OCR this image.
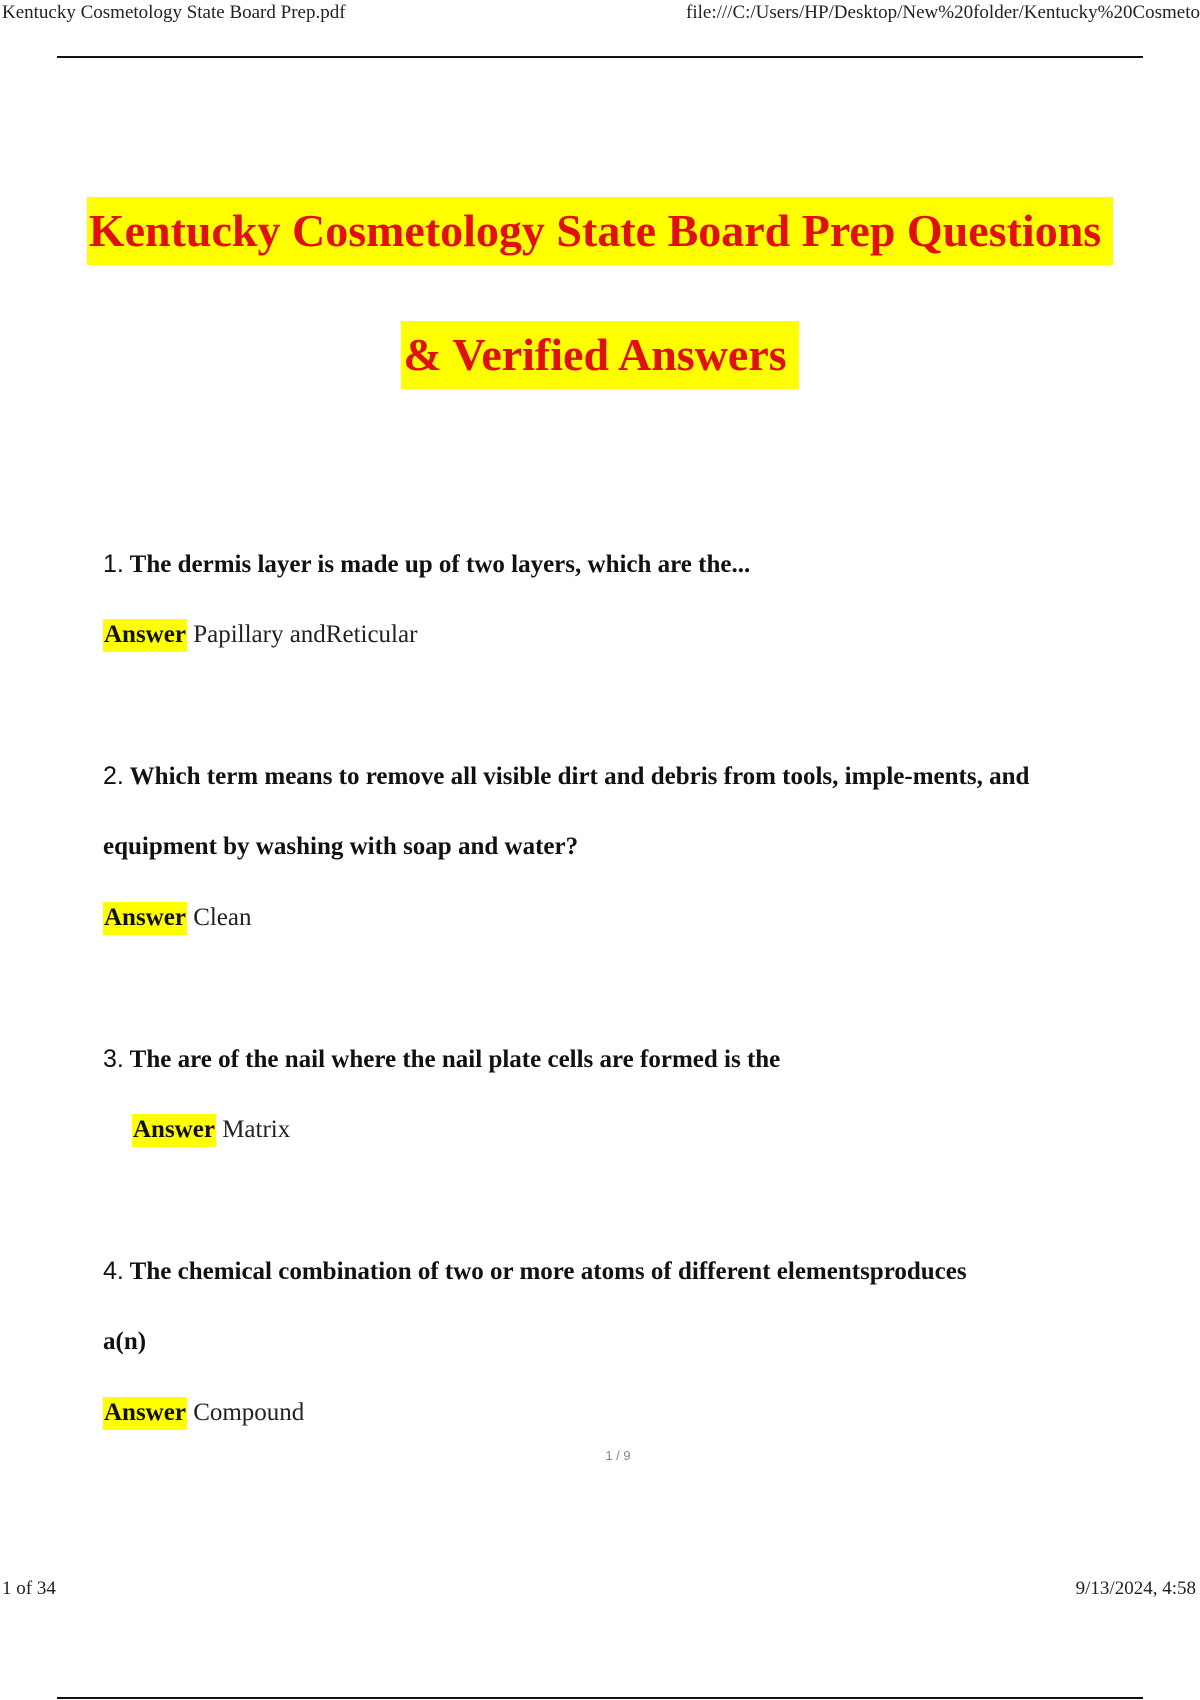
Kentucky Cosmetology State Board Prep.pdf	file:///C:/Users/HP/Desktop/New%20folder/Kentucky%20Cosmeto
Kentucky Cosmetology State Board Prep Questions
& Verified Answers
1. The dermis layer is made up of two layers, which are the...
Answer Papillary andReticular
2. Which term means to remove all visible dirt and debris from tools, imple-ments, and
equipment by washing with soap and water?
Answer Clean
3. The are of the nail where the nail plate cells are formed is the
Answer Matrix
4. The chemical combination of two or more atoms of different elementsproduces
a(n)
Answer Compound
1 / 9
1 of 34	9/13/2024, 4:58
